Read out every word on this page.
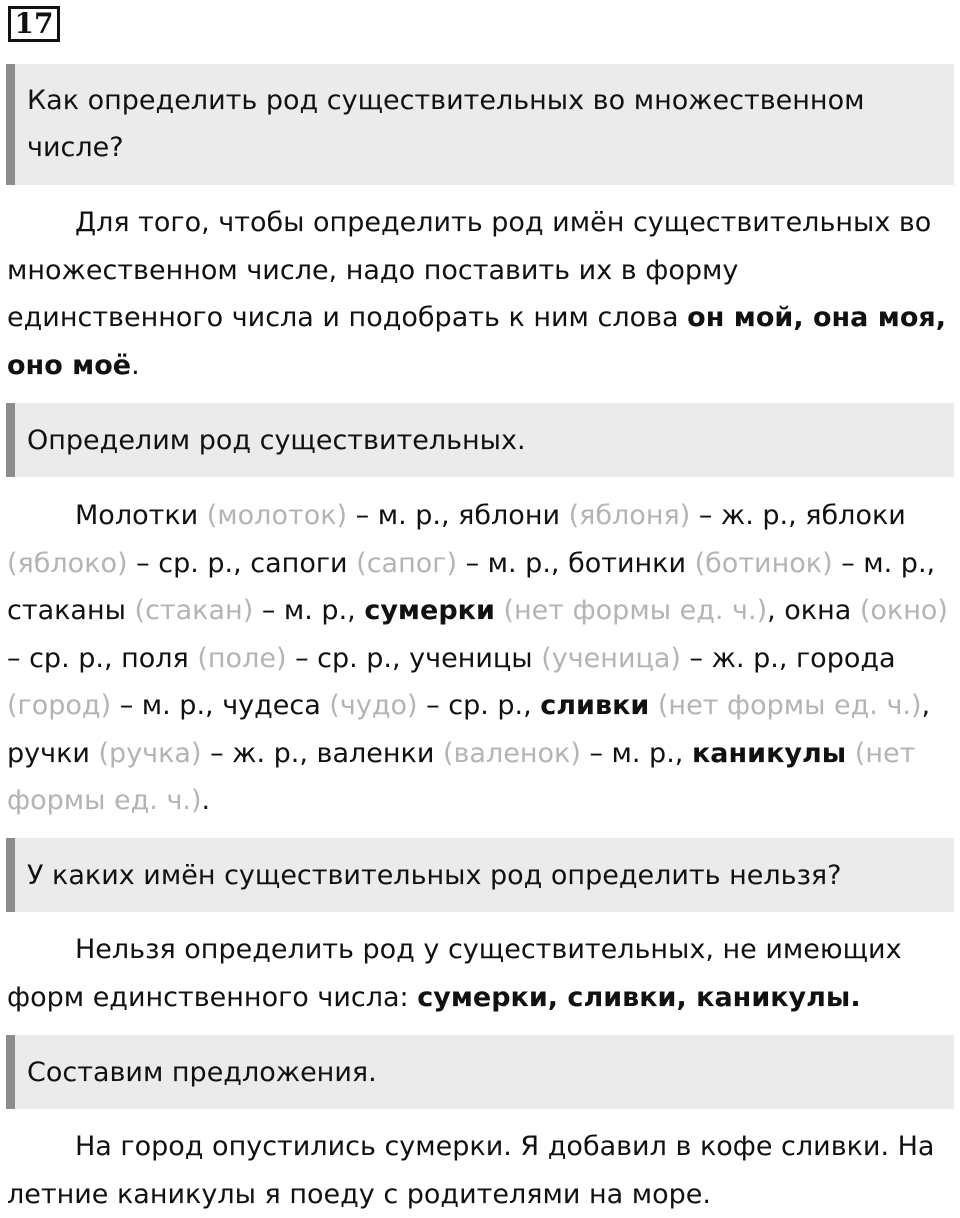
17
Как определить род существительных во множественном числе?

Для того, чтобы определить род имён существительных во множественном числе, надо поставить их в форму единственного числа и подобрать к ним слова он мой, она моя, оно моё.

Определим род существительных.

Молотки (молоток) – м. р., яблони (яблоня) – ж. р., яблоки (яблоко) – ср. р., сапоги (сапог) – м. р., ботинки (ботинок) – м. р., стаканы (стакан) – м. р., сумерки (нет формы ед. ч.), окна (окно) – ср. р., поля (поле) – ср. р., ученицы (ученица) – ж. р., города (город) – м. р., чудеса (чудо) – ср. р., сливки (нет формы ед. ч.), ручки (ручка) – ж. р., валенки (валенок) – м. р., каникулы (нет формы ед. ч.).

У каких имён существительных род определить нельзя?

Нельзя определить род у существительных, не имеющих форм единственного числа: сумерки, сливки, каникулы.

Составим предложения.

На город опустились сумерки. Я добавил в кофе сливки. На летние каникулы я поеду с родителями на море.
